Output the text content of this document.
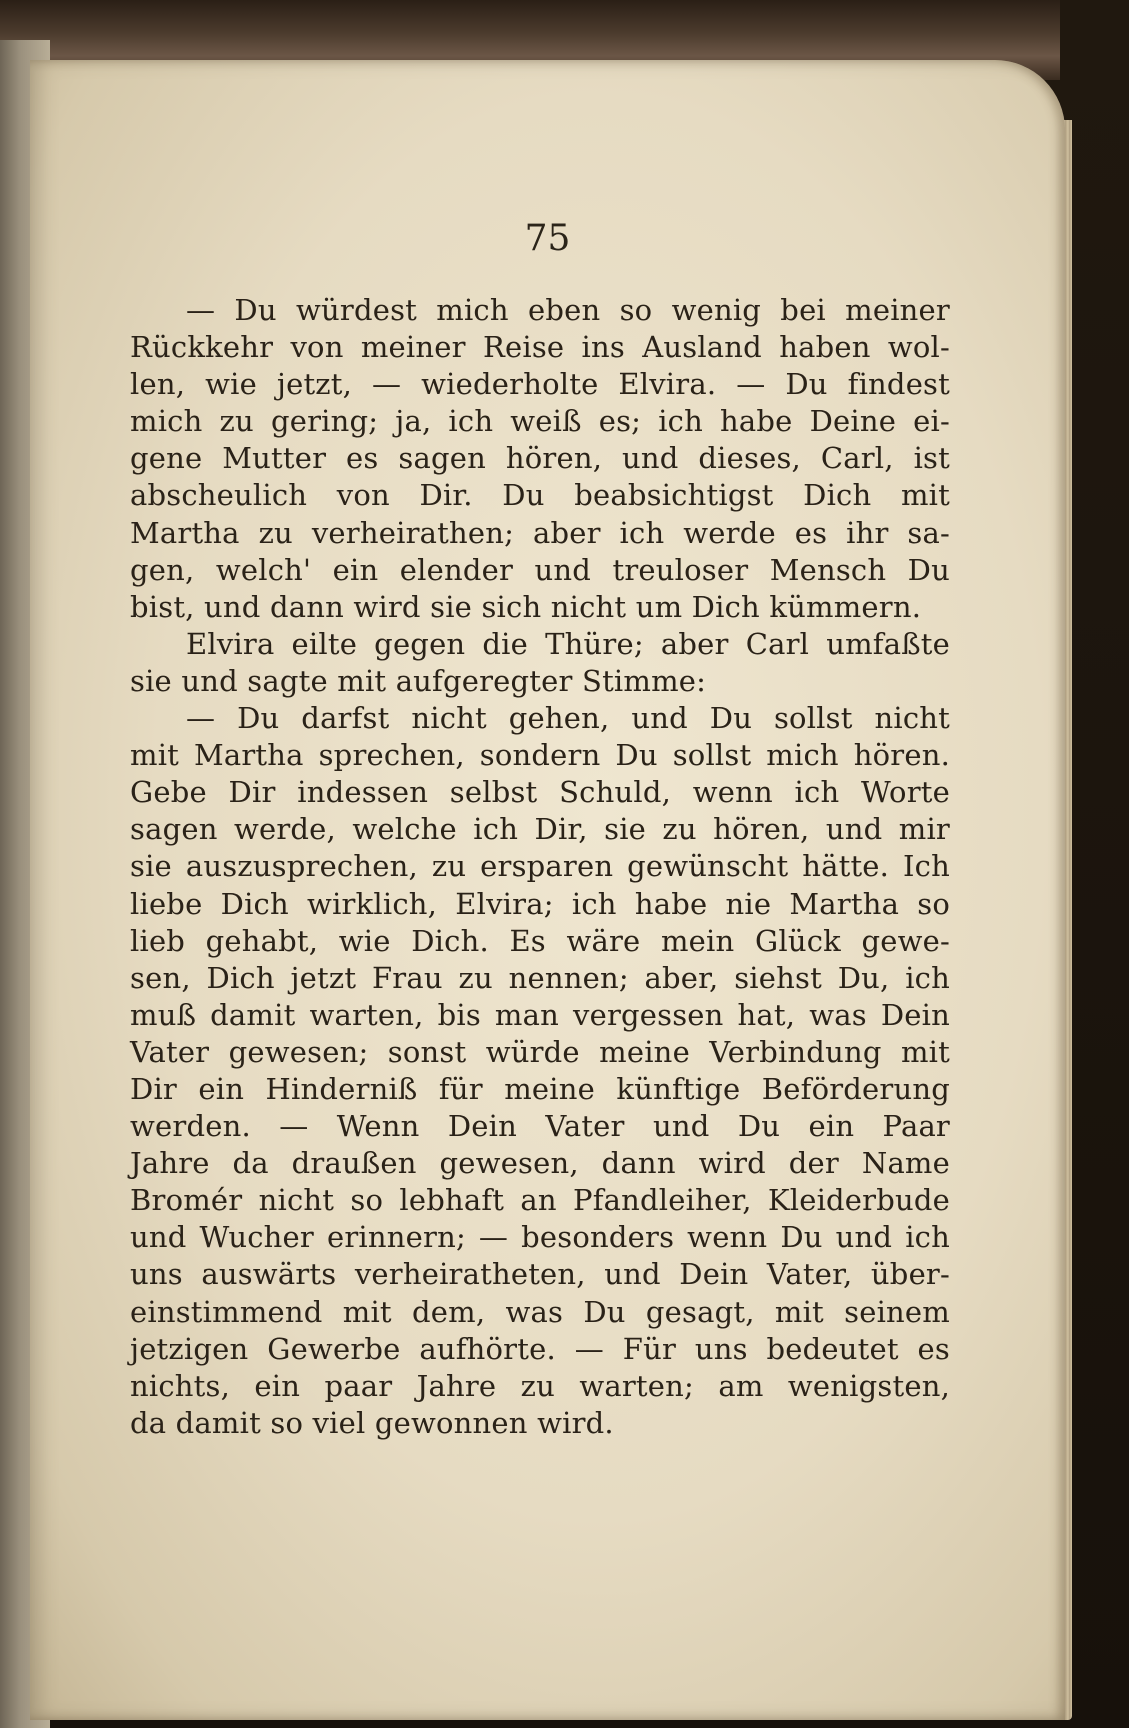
75
— Du würdest mich eben so wenig bei meiner
Rückkehr von meiner Reise ins Ausland haben wol-
len, wie jetzt, — wiederholte Elvira. — Du findest
mich zu gering; ja, ich weiß es; ich habe Deine ei-
gene Mutter es sagen hören, und dieses, Carl, ist
abscheulich von Dir. Du beabsichtigst Dich mit
Martha zu verheirathen; aber ich werde es ihr sa-
gen, welch' ein elender und treuloser Mensch Du
bist, und dann wird sie sich nicht um Dich kümmern.
Elvira eilte gegen die Thüre; aber Carl umfaßte
sie und sagte mit aufgeregter Stimme:
— Du darfst nicht gehen, und Du sollst nicht
mit Martha sprechen, sondern Du sollst mich hören.
Gebe Dir indessen selbst Schuld, wenn ich Worte
sagen werde, welche ich Dir, sie zu hören, und mir
sie auszusprechen, zu ersparen gewünscht hätte. Ich
liebe Dich wirklich, Elvira; ich habe nie Martha so
lieb gehabt, wie Dich. Es wäre mein Glück gewe-
sen, Dich jetzt Frau zu nennen; aber, siehst Du, ich
muß damit warten, bis man vergessen hat, was Dein
Vater gewesen; sonst würde meine Verbindung mit
Dir ein Hinderniß für meine künftige Beförderung
werden. — Wenn Dein Vater und Du ein Paar
Jahre da draußen gewesen, dann wird der Name
Bromér nicht so lebhaft an Pfandleiher, Kleiderbude
und Wucher erinnern; — besonders wenn Du und ich
uns auswärts verheiratheten, und Dein Vater, über-
einstimmend mit dem, was Du gesagt, mit seinem
jetzigen Gewerbe aufhörte. — Für uns bedeutet es
nichts, ein paar Jahre zu warten; am wenigsten,
da damit so viel gewonnen wird.
